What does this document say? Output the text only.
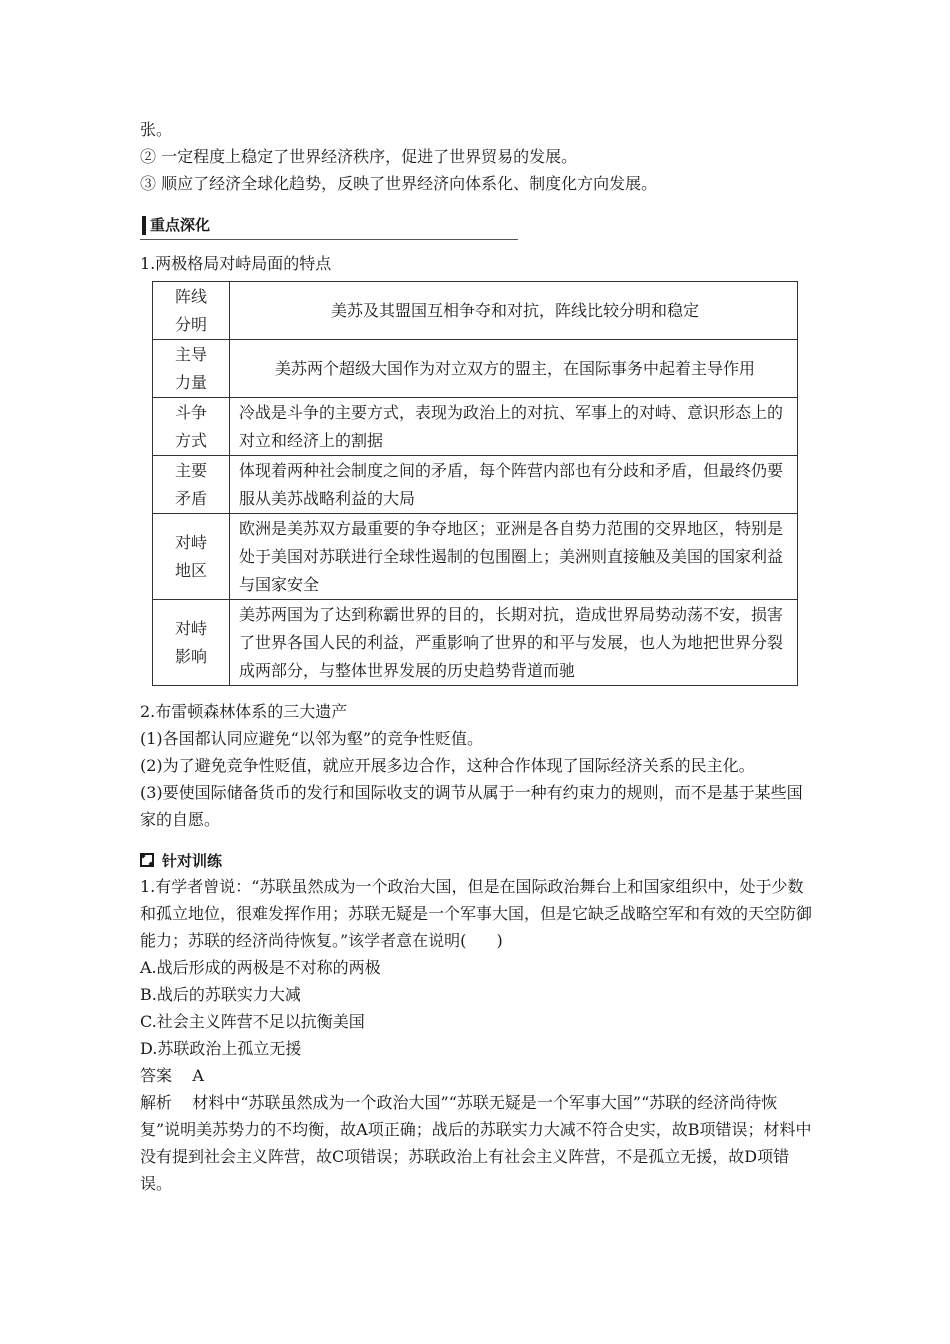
张。

② 一定程度上稳定了世界经济秩序，促进了世界贸易的发展。

③ 顺应了经济全球化趋势，反映了世界经济向体系化、制度化方向发展。

重点深化

1.两极格局对峙局面的特点

阵线
分明	美苏及其盟国互相争夺和对抗，阵线比较分明和稳定

主导
力量	美苏两个超级大国作为对立双方的盟主，在国际事务中起着主导作用

斗争
方式	冷战是斗争的主要方式，表现为政治上的对抗、军事上的对峙、意识形态上的对立和经济上的割据

主要
矛盾	体现着两种社会制度之间的矛盾，每个阵营内部也有分歧和矛盾，但最终仍要服从美苏战略利益的大局

对峙
地区	欧洲是美苏双方最重要的争夺地区；亚洲是各自势力范围的交界地区，特别是处于美国对苏联进行全球性遏制的包围圈上；美洲则直接触及美国的国家利益与国家安全

对峙
影响	美苏两国为了达到称霸世界的目的，长期对抗，造成世界局势动荡不安，损害了世界各国人民的利益，严重影响了世界的和平与发展，也人为地把世界分裂成两部分，与整体世界发展的历史趋势背道而驰

2.布雷顿森林体系的三大遗产

(1)各国都认同应避免“以邻为壑”的竞争性贬值。

(2)为了避免竞争性贬值，就应开展多边合作，这种合作体现了国际经济关系的民主化。

(3)要使国际储备货币的发行和国际收支的调节从属于一种有约束力的规则，而不是基于某些国家的自愿。

针对训练

1.有学者曾说：“苏联虽然成为一个政治大国，但是在国际政治舞台上和国家组织中，处于少数和孤立地位，很难发挥作用；苏联无疑是一个军事大国，但是它缺乏战略空军和有效的天空防御能力；苏联的经济尚待恢复。”该学者意在说明( )

A.战后形成的两极是不对称的两极

B.战后的苏联实力大减

C.社会主义阵营不足以抗衡美国

D.苏联政治上孤立无援

答案 A

解析 材料中“苏联虽然成为一个政治大国”“苏联无疑是一个军事大国”“苏联的经济尚待恢复”说明美苏势力的不均衡，故A项正确；战后的苏联实力大减不符合史实，故B项错误；材料中没有提到社会主义阵营，故C项错误；苏联政治上有社会主义阵营，不是孤立无援，故D项错误。
